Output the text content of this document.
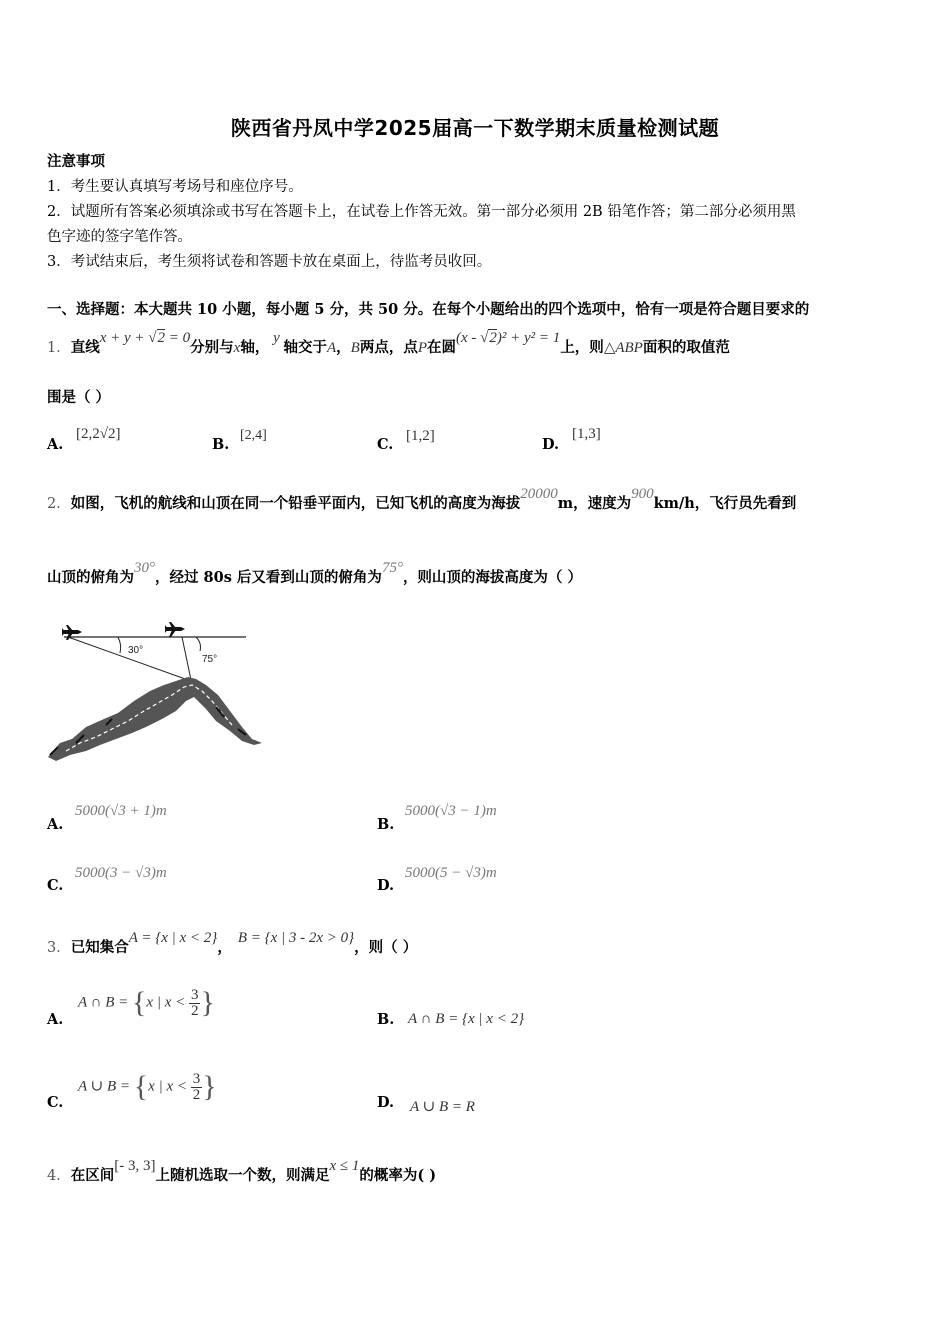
陕西省丹凤中学2025届高一下数学期末质量检测试题
注意事项
1．考生要认真填写考场号和座位序号。
2．试题所有答案必须填涂或书写在答题卡上，在试卷上作答无效。第一部分必须用 2B 铅笔作答；第二部分必须用黑
色字迹的签字笔作答。
3．考试结束后，考生须将试卷和答题卡放在桌面上，待监考员收回。
一、选择题：本大题共 10 小题，每小题 5 分，共 50 分。在每个小题给出的四个选项中，恰有一项是符合题目要求的
1．直线x + y + √2 = 0分别与x轴， y 轴交于A，B两点，点P在圆(x - √2)² + y² = 1上，则△ABP面积的取值范
围是（ ）
A.
[2,2√2]
B.
[2,4]
C. [1,2]	D.
[1,3]
2．如图，飞机的航线和山顶在同一个铅垂平面内，已知飞机的高度为海拔20000m，速度为900km/h，飞行员先看到
山顶的俯角为30°，经过 80s 后又看到山顶的俯角为75°，则山顶的海拔高度为（ ）
30°
75°
A.
5000(√3 + 1)m
B.
5000(√3 − 1)m
C.
5000(3 − √3)m
D.
5000(5 − √3)m
3．已知集合A = {x | x < 2}，B = {x | 3 - 2x > 0}，则（ ）
A.
A ∩ B = {x | $x < \frac{3}{2}$ }
B. A ∩ B = {x | x < 2}
C.
A ∪ B = {x | $x < \frac{3}{2}$ }	D. A ∪ B = R
4．在区间[- 3, 3]上随机选取一个数，则满足x ≤ 1的概率为( )
